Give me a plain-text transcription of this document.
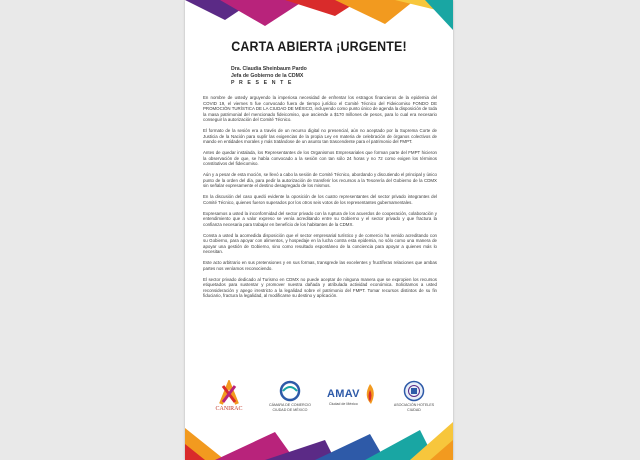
CARTA ABIERTA ¡URGENTE!
Dra. Claudia Sheinbaum Pardo
Jefa de Gobierno de la CDMX
P R E S E N T E

En nombre de ustedy arguyendo la imperiosa necesidad de enfrentar los estragos financieros de la epidemia del COVID 19, el viernes 5 fue convocado fuera de tiempo jurídico el Comité Técnico del Fideicomiso FONDO DE PROMOCIÓN TURÍSTICA DE LA CIUDAD DE MÉXICO, incluyendo como punto único de agenda la disposición de toda la masa patrimonial del mencionado fideicomiso, que asciende a $170 millones de pesos, para lo cual era necesario conseguir la autorización del Comité Técnico.

El formato de la sesión era a través de un recurso digital no presencial, aún no aceptado por la Suprema Corte de Justicia de la Nación para suplir las exigencias de la propia Ley en materia de celebración de órganos colectivos de mando en entidades morales y más tratándose de un asunto tan trascendente para el patrimonio del FMPT.

Antes de quedar instalada, los Representantes de los Organismos Empresariales que forman parte del FMPT hicieron la observación de que, se había convocado a la sesión con tan sólo 24 horas y no 72 como exigen los términos constitutivos del fideicomiso.

Aún y a pesar de esta moción, se llevó a cabo la sesión de Comité Técnico, abordando y discutiendo el principal y único punto de la orden del día, para pedir la autorización de transferir los recursos a la Tesorería del Gobierno de la CDMX sin señalar expresamente el destino desagregado de los mismos.

En la discusión del caso quedó evidente la oposición de los cuatro representantes del sector privado integrantes del Comité Técnico, quienes fueron superados por los otros seis votos de los representantes gubernamentales.

Expresamos a usted la inconformidad del sector privado con la ruptura de los acuerdos de cooperación, colaboración y entendimiento que a valor expreso se venía acreditando entre su Gobierno y el sector privado y que fractura la confianza necesaria para trabajar en beneficio de los habitantes de la CDMX.

Consta a usted la acomedida disposición que el sector empresarial turístico y de comercio ha venido acreditando con su Gobierno, para apoyar con alimentos, y hospedaje en la lucha contra esta epidemia, no sólo como una manera de apoyar una gestión de Gobierno, sino como resultado espontáneo de la conciencia para apoyar a quienes más lo necesitan.

Este acto arbitrario en sus pretensiones y en sus formas, transgrede las excelentes y fructíferas relaciones que ambas partes nos veníamos reconociendo.

El sector privado dedicado al Turismo en CDMX no puede aceptar de ninguna manera que se expropien los recursos etiquetados para sustentar y promover nuestra dañada y atribulada actividad económica. Solicitamos a usted reconsideración y apego irrestricto a la legalidad sobre el patrimonio del FMPT. Tomar recursos distintos de su fin fiduciario, fractura la legalidad, al modificarse su destino y aplicación.

CANIRAC
CÁMARA DE COMERCIO
CIUDAD DE MÉXICO
AMAV
Ciudad de México	ASOCIACIÓN HOTELES
CIUDAD
